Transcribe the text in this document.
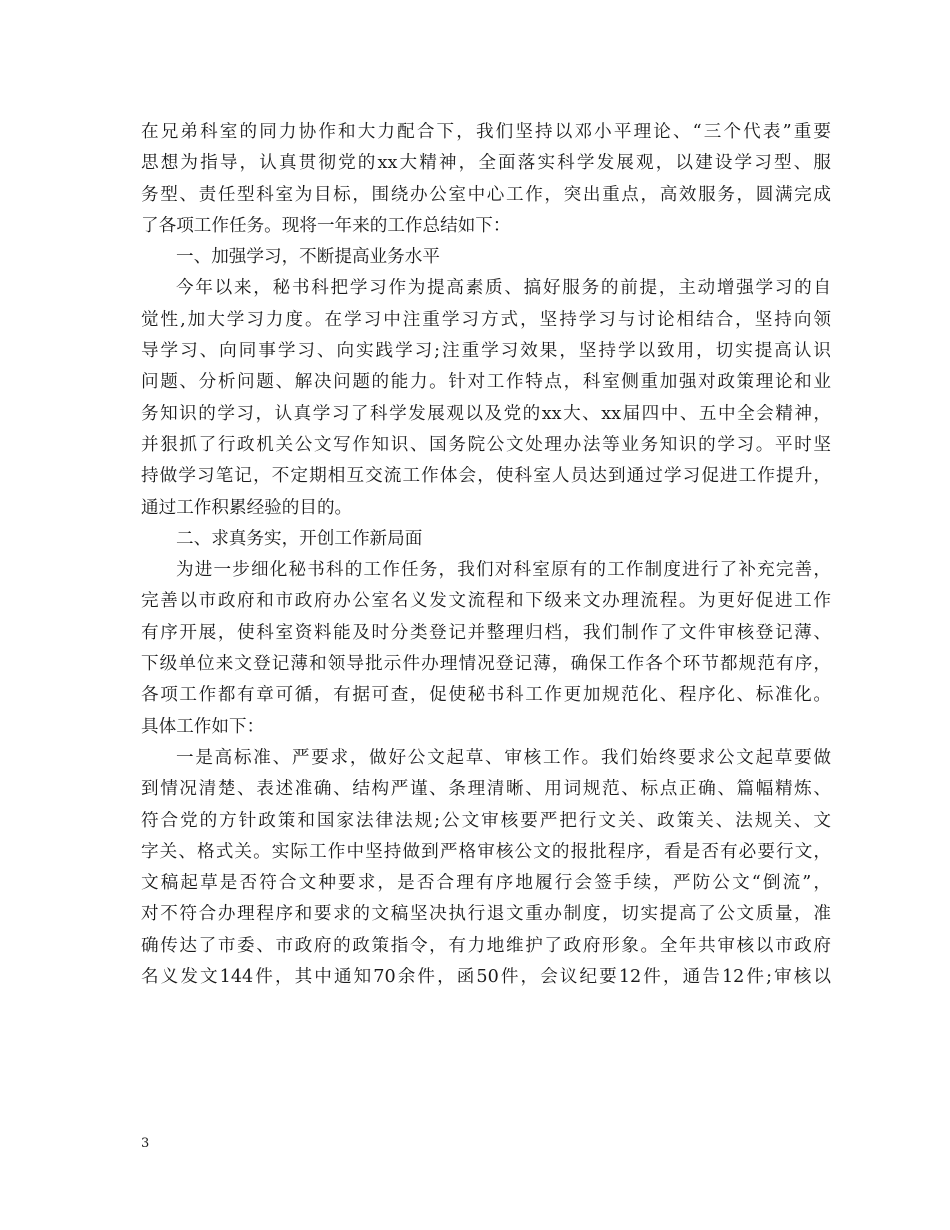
在兄弟科室的同力协作和大力配合下，我们坚持以邓小平理论、“三个代表”重要
思想为指导，认真贯彻党的xx大精神，全面落实科学发展观，以建设学习型、服
务型、责任型科室为目标，围绕办公室中心工作，突出重点，高效服务，圆满完成
了各项工作任务。现将一年来的工作总结如下：
一、加强学习，不断提高业务水平
今年以来，秘书科把学习作为提高素质、搞好服务的前提，主动增强学习的自
觉性,加大学习力度。在学习中注重学习方式，坚持学习与讨论相结合，坚持向领
导学习、向同事学习、向实践学习;注重学习效果，坚持学以致用，切实提高认识
问题、分析问题、解决问题的能力。针对工作特点，科室侧重加强对政策理论和业
务知识的学习，认真学习了科学发展观以及党的xx大、xx届四中、五中全会精神，
并狠抓了行政机关公文写作知识、国务院公文处理办法等业务知识的学习。平时坚
持做学习笔记，不定期相互交流工作体会，使科室人员达到通过学习促进工作提升，
通过工作积累经验的目的。
二、求真务实，开创工作新局面
为进一步细化秘书科的工作任务，我们对科室原有的工作制度进行了补充完善，
完善以市政府和市政府办公室名义发文流程和下级来文办理流程。为更好促进工作
有序开展，使科室资料能及时分类登记并整理归档，我们制作了文件审核登记薄、
下级单位来文登记薄和领导批示件办理情况登记薄，确保工作各个环节都规范有序，
各项工作都有章可循，有据可查，促使秘书科工作更加规范化、程序化、标准化。
具体工作如下：
一是高标准、严要求，做好公文起草、审核工作。我们始终要求公文起草要做
到情况清楚、表述准确、结构严谨、条理清晰、用词规范、标点正确、篇幅精炼、
符合党的方针政策和国家法律法规;公文审核要严把行文关、政策关、法规关、文
字关、格式关。实际工作中坚持做到严格审核公文的报批程序，看是否有必要行文，
文稿起草是否符合文种要求，是否合理有序地履行会签手续，严防公文“倒流”，
对不符合办理程序和要求的文稿坚决执行退文重办制度，切实提高了公文质量，准
确传达了市委、市政府的政策指令，有力地维护了政府形象。全年共审核以市政府
名义发文144件，其中通知70余件，函50件，会议纪要12件，通告12件;审核以
3
